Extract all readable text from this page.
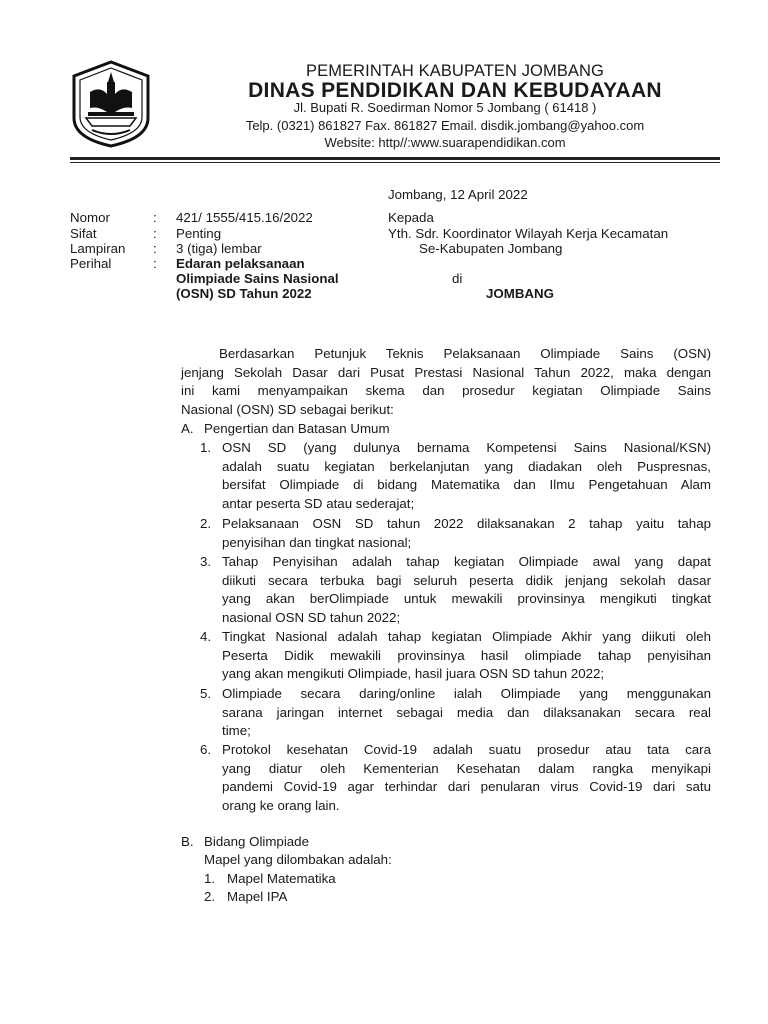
PEMERINTAH KABUPATEN JOMBANG
DINAS PENDIDIKAN DAN KEBUDAYAAN
Jl. Bupati R. Soedirman Nomor 5 Jombang ( 61418 )
Telp. (0321) 861827 Fax. 861827 Email. disdik.jombang@yahoo.com
Website: http//:www.suarapendidikan.com
Jombang, 12 April 2022
Nomor	: 421/ 1555/415.16/2022
Sifat	: Penting
Lampiran : 3 (tiga) lembar
Perihal	: Edaran pelaksanaan
Olimpiade Sains Nasional
(OSN) SD Tahun 2022
Kepada
Yth. Sdr. Koordinator Wilayah Kerja Kecamatan
Se-Kabupaten Jombang
di
JOMBANG
Berdasarkan Petunjuk Teknis Pelaksanaan Olimpiade Sains (OSN)
jenjang Sekolah Dasar dari Pusat Prestasi Nasional Tahun 2022, maka dengan
ini kami menyampaikan skema dan prosedur kegiatan Olimpiade Sains
Nasional (OSN) SD sebagai berikut:
A. Pengertian dan Batasan Umum
1. OSN SD (yang dulunya bernama Kompetensi Sains Nasional/KSN)
adalah suatu kegiatan berkelanjutan yang diadakan oleh Puspresnas,
bersifat Olimpiade di bidang Matematika dan Ilmu Pengetahuan Alam
antar peserta SD atau sederajat;
2. Pelaksanaan OSN SD tahun 2022 dilaksanakan 2 tahap yaitu tahap
penyisihan dan tingkat nasional;
3. Tahap Penyisihan adalah tahap kegiatan Olimpiade awal yang dapat
diikuti secara terbuka bagi seluruh peserta didik jenjang sekolah dasar
yang akan berOlimpiade untuk mewakili provinsinya mengikuti tingkat
nasional OSN SD tahun 2022;
4. Tingkat Nasional adalah tahap kegiatan Olimpiade Akhir yang diikuti oleh
Peserta Didik mewakili provinsinya hasil olimpiade tahap penyisihan
yang akan mengikuti Olimpiade, hasil juara OSN SD tahun 2022;
5. Olimpiade secara daring/online ialah Olimpiade yang menggunakan
sarana jaringan internet sebagai media dan dilaksanakan secara real
time;
6. Protokol kesehatan Covid-19 adalah suatu prosedur atau tata cara
yang diatur oleh Kementerian Kesehatan dalam rangka menyikapi
pandemi Covid-19 agar terhindar dari penularan virus Covid-19 dari satu
orang ke orang lain.
B. Bidang Olimpiade
Mapel yang dilombakan adalah:
1. Mapel Matematika
2. Mapel IPA
